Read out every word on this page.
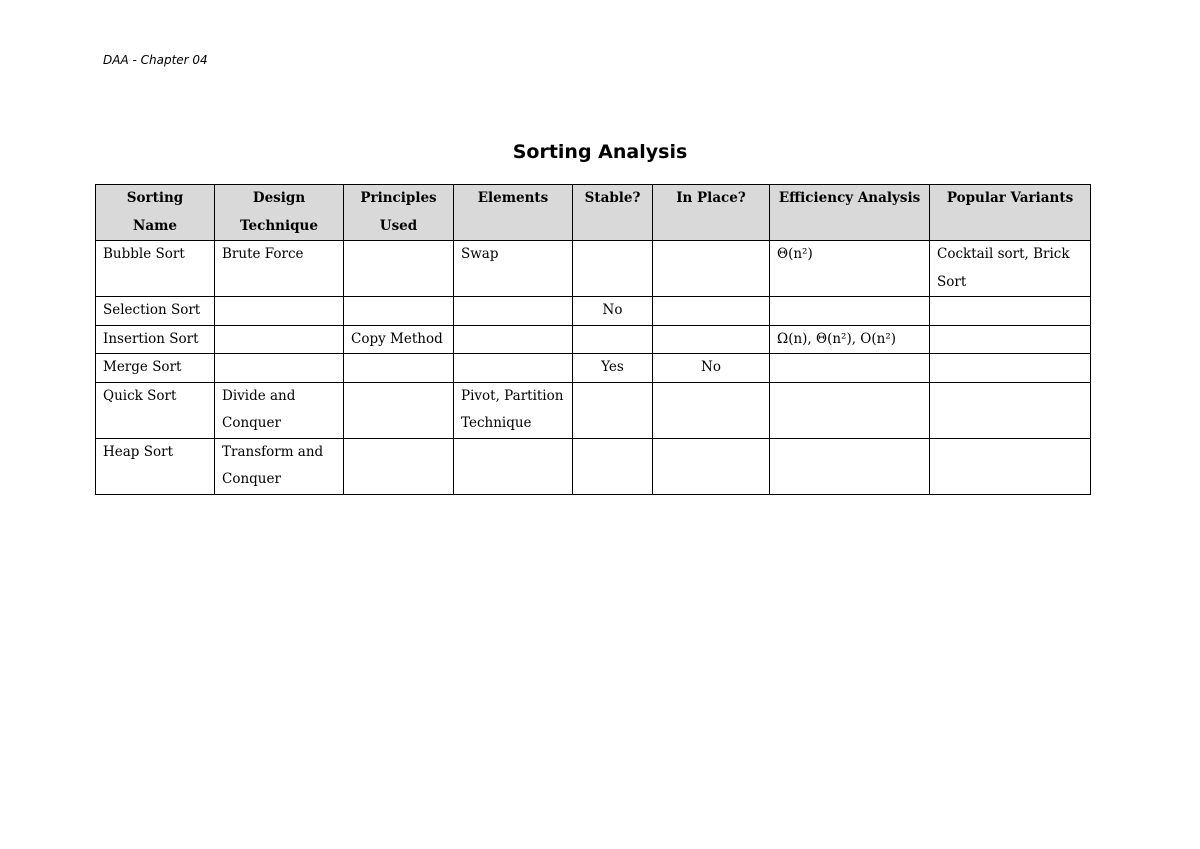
DAA - Chapter 04
Sorting Analysis
Sorting Name	Design Technique	Principles Used	Elements	Stable?	In Place?	Efficiency Analysis	Popular Variants
Bubble Sort	Brute Force		Swap			Θ(n²)	Cocktail sort, Brick Sort
Selection Sort				No			
Insertion Sort		Copy Method				Ω(n), Θ(n²), O(n²)	
Merge Sort				Yes	No		
Quick Sort	Divide and Conquer		Pivot, Partition Technique				
Heap Sort	Transform and Conquer						
